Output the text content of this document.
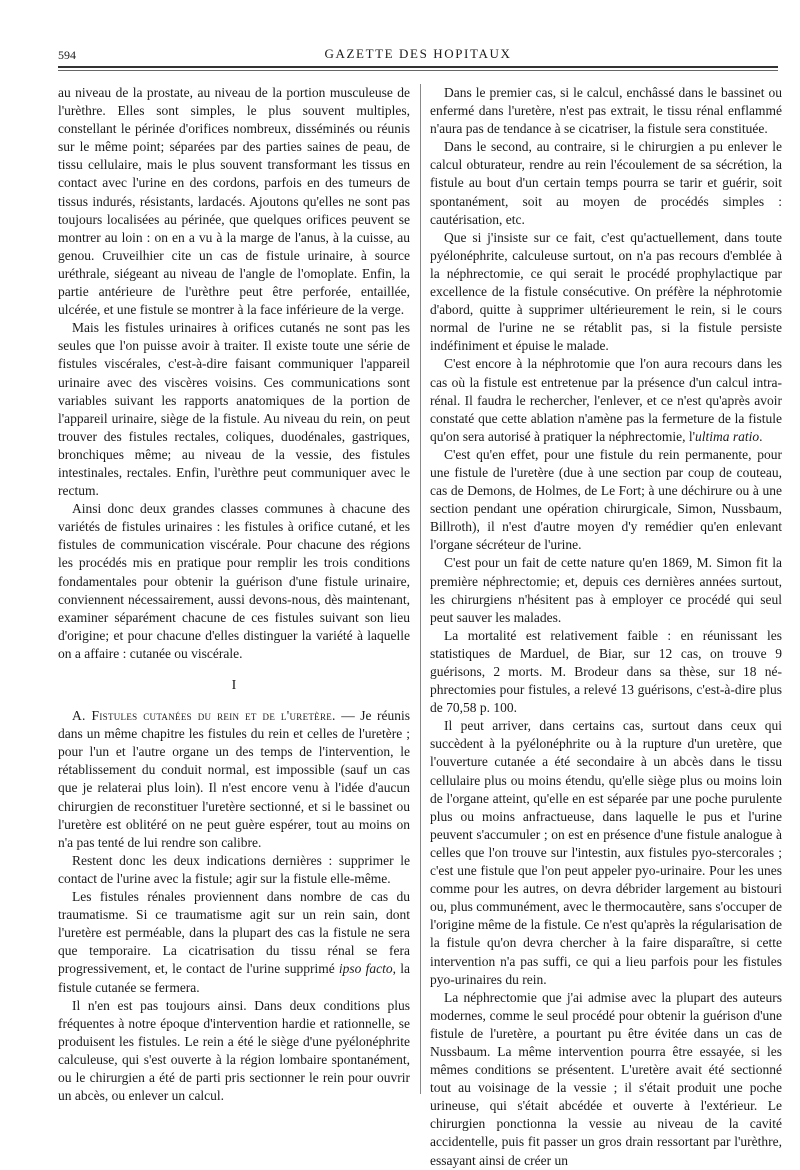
594	GAZETTE DES HOPITAUX

au niveau de la prostate, au niveau de la portion musculeuse de l'urèthre. Elles sont simples, le plus souvent multiples, constellant le périnée d'orifices nombreux, disséminés ou réunis sur le même point; séparées par des parties saines de peau, de tissu cellulaire, mais le plus souvent transformant les tissus en contact avec l'urine en des cordons, parfois en des tumeurs de tissus indurés, résistants, lardacés. Ajoutons qu'elles ne sont pas toujours localisées au périnée, que quelques orifices peuvent se montrer au loin : on en a vu à la marge de l'anus, à la cuisse, au genou. Cruveilhier cite un cas de fistule urinaire, à source uréthrale, siégeant au niveau de l'angle de l'omoplate. Enfin, la partie antérieure de l'urèthre peut être perforée, entaillée, ulcérée, et une fistule se montrer à la face inférieure de la verge.

Mais les fistules urinaires à orifices cutanés ne sont pas les seules que l'on puisse avoir à traiter. Il existe toute une série de fistules viscérales, c'est-à-dire faisant communiquer l'appareil urinaire avec des viscères voisins. Ces communications sont variables suivant les rapports anatomiques de la portion de l'appareil urinaire, siège de la fistule. Au niveau du rein, on peut trouver des fistules rectales, coliques, duodénales, gastriques, bronchiques même; au niveau de la vessie, des fistules intestinales, rectales. Enfin, l'urèthre peut communiquer avec le rectum.

Ainsi donc deux grandes classes communes à chacune des variétés de fistules urinaires : les fistules à orifice cutané, et les fistules de communication viscérale. Pour chacune des régions les procédés mis en pratique pour remplir les trois conditions fondamentales pour obtenir la guérison d'une fistule urinaire, conviennent nécessairement, aussi devons-nous, dès maintenant, examiner séparément chacune de ces fistules suivant son lieu d'origine; et pour chacune d'elles distinguer la variété à laquelle on a affaire : cutanée ou viscérale.

I

A. Fistules cutanées du rein et de l'uretère. — Je réunis dans un même chapitre les fistules du rein et celles de l'uretère ; pour l'un et l'autre organe un des temps de l'intervention, le rétablissement du conduit normal, est impossible (sauf un cas que je relaterai plus loin). Il n'est encore venu à l'idée d'aucun chirurgien de reconstituer l'uretère sectionné, et si le bassinet ou l'uretère est oblitéré on ne peut guère espérer, tout au moins on n'a pas tenté de lui rendre son calibre.

Restent donc les deux indications dernières : supprimer le contact de l'urine avec la fistule; agir sur la fistule elle-même.

Les fistules rénales proviennent dans nombre de cas du traumatisme. Si ce traumatisme agit sur un rein sain, dont l'uretère est perméable, dans la plupart des cas la fistule ne sera que temporaire. La cicatrisation du tissu rénal se fera progressivement, et, le contact de l'urine supprimé ipso facto, la fistule cutanée se fermera.

Il n'en est pas toujours ainsi. Dans deux conditions plus fréquentes à notre époque d'intervention hardie et rationnelle, se produisent les fistules. Le rein a été le siège d'une pyélonéphrite calculeuse, qui s'est ouverte à la région lombaire spontanément, ou le chirurgien a été de parti pris sectionner le rein pour ouvrir un abcès, ou enlever un calcul.

Dans le premier cas, si le calcul, enchâssé dans le bassinet ou enfermé dans l'uretère, n'est pas extrait, le tissu rénal enflammé n'aura pas de tendance à se cicatriser, la fistule sera constituée.

Dans le second, au contraire, si le chirurgien a pu enlever le calcul obturateur, rendre au rein l'écoulement de sa sécrétion, la fistule au bout d'un certain temps pourra se tarir et guérir, soit spontanément, soit au moyen de procédés simples : cautérisation, etc.

Que si j'insiste sur ce fait, c'est qu'actuellement, dans toute pyélonéphrite, calculeuse surtout, on n'a pas recours d'emblée à la néphrectomie, ce qui serait le procédé prophylactique par excellence de la fistule consécutive. On préfère la néphrotomie d'abord, quitte à supprimer ultérieurement le rein, si le cours normal de l'urine ne se rétablit pas, si la fistule persiste indéfiniment et épuise le malade.

C'est encore à la néphrotomie que l'on aura recours dans les cas où la fistule est entretenue par la présence d'un calcul intra-rénal. Il faudra le rechercher, l'enlever, et ce n'est qu'après avoir constaté que cette ablation n'amène pas la fermeture de la fistule qu'on sera autorisé à pratiquer la néphrectomie, l'ultima ratio.

C'est qu'en effet, pour une fistule du rein permanente, pour une fistule de l'uretère (due à une section par coup de couteau, cas de Demons, de Holmes, de Le Fort; à une déchirure ou à une section pendant une opération chirurgicale, Simon, Nussbaum, Billroth), il n'est d'autre moyen d'y remédier qu'en enlevant l'organe sécréteur de l'urine.

C'est pour un fait de cette nature qu'en 1869, M. Simon fit la première néphrectomie; et, depuis ces dernières années surtout, les chirurgiens n'hésitent pas à employer ce procédé qui seul peut sauver les malades.

La mortalité est relativement faible : en réunissant les statistiques de Marduel, de Biar, sur 12 cas, on trouve 9 guérisons, 2 morts. M. Brodeur dans sa thèse, sur 18 néphrectomies pour fistules, a relevé 13 guérisons, c'est-à-dire plus de 70,58 p. 100.

Il peut arriver, dans certains cas, surtout dans ceux qui succèdent à la pyélonéphrite ou à la rupture d'un uretère, que l'ouverture cutanée a été secondaire à un abcès dans le tissu cellulaire plus ou moins étendu, qu'elle siège plus ou moins loin de l'organe atteint, qu'elle en est séparée par une poche purulente plus ou moins anfractueuse, dans laquelle le pus et l'urine peuvent s'accumuler ; on est en présence d'une fistule analogue à celles que l'on trouve sur l'intestin, aux fistules pyo-stercorales ; c'est une fistule que l'on peut appeler pyo-urinaire. Pour les unes comme pour les autres, on devra débrider largement au bistouri ou, plus communément, avec le thermocautère, sans s'occuper de l'origine même de la fistule. Ce n'est qu'après la régularisation de la fistule qu'on devra chercher à la faire disparaître, si cette intervention n'a pas suffi, ce qui a lieu parfois pour les fistules pyo-urinaires du rein.

La néphrectomie que j'ai admise avec la plupart des auteurs modernes, comme le seul procédé pour obtenir la guérison d'une fistule de l'uretère, a pourtant pu être évitée dans un cas de Nussbaum. La même intervention pourra être essayée, si les mêmes conditions se présentent. L'uretère avait été sectionné tout au voisinage de la vessie ; il s'était produit une poche urineuse, qui s'était abcédée et ouverte à l'extérieur. Le chirurgien ponctionna la vessie au niveau de la cavité accidentelle, puis fit passer un gros drain ressortant par l'urèthre, essayant ainsi de créer un
